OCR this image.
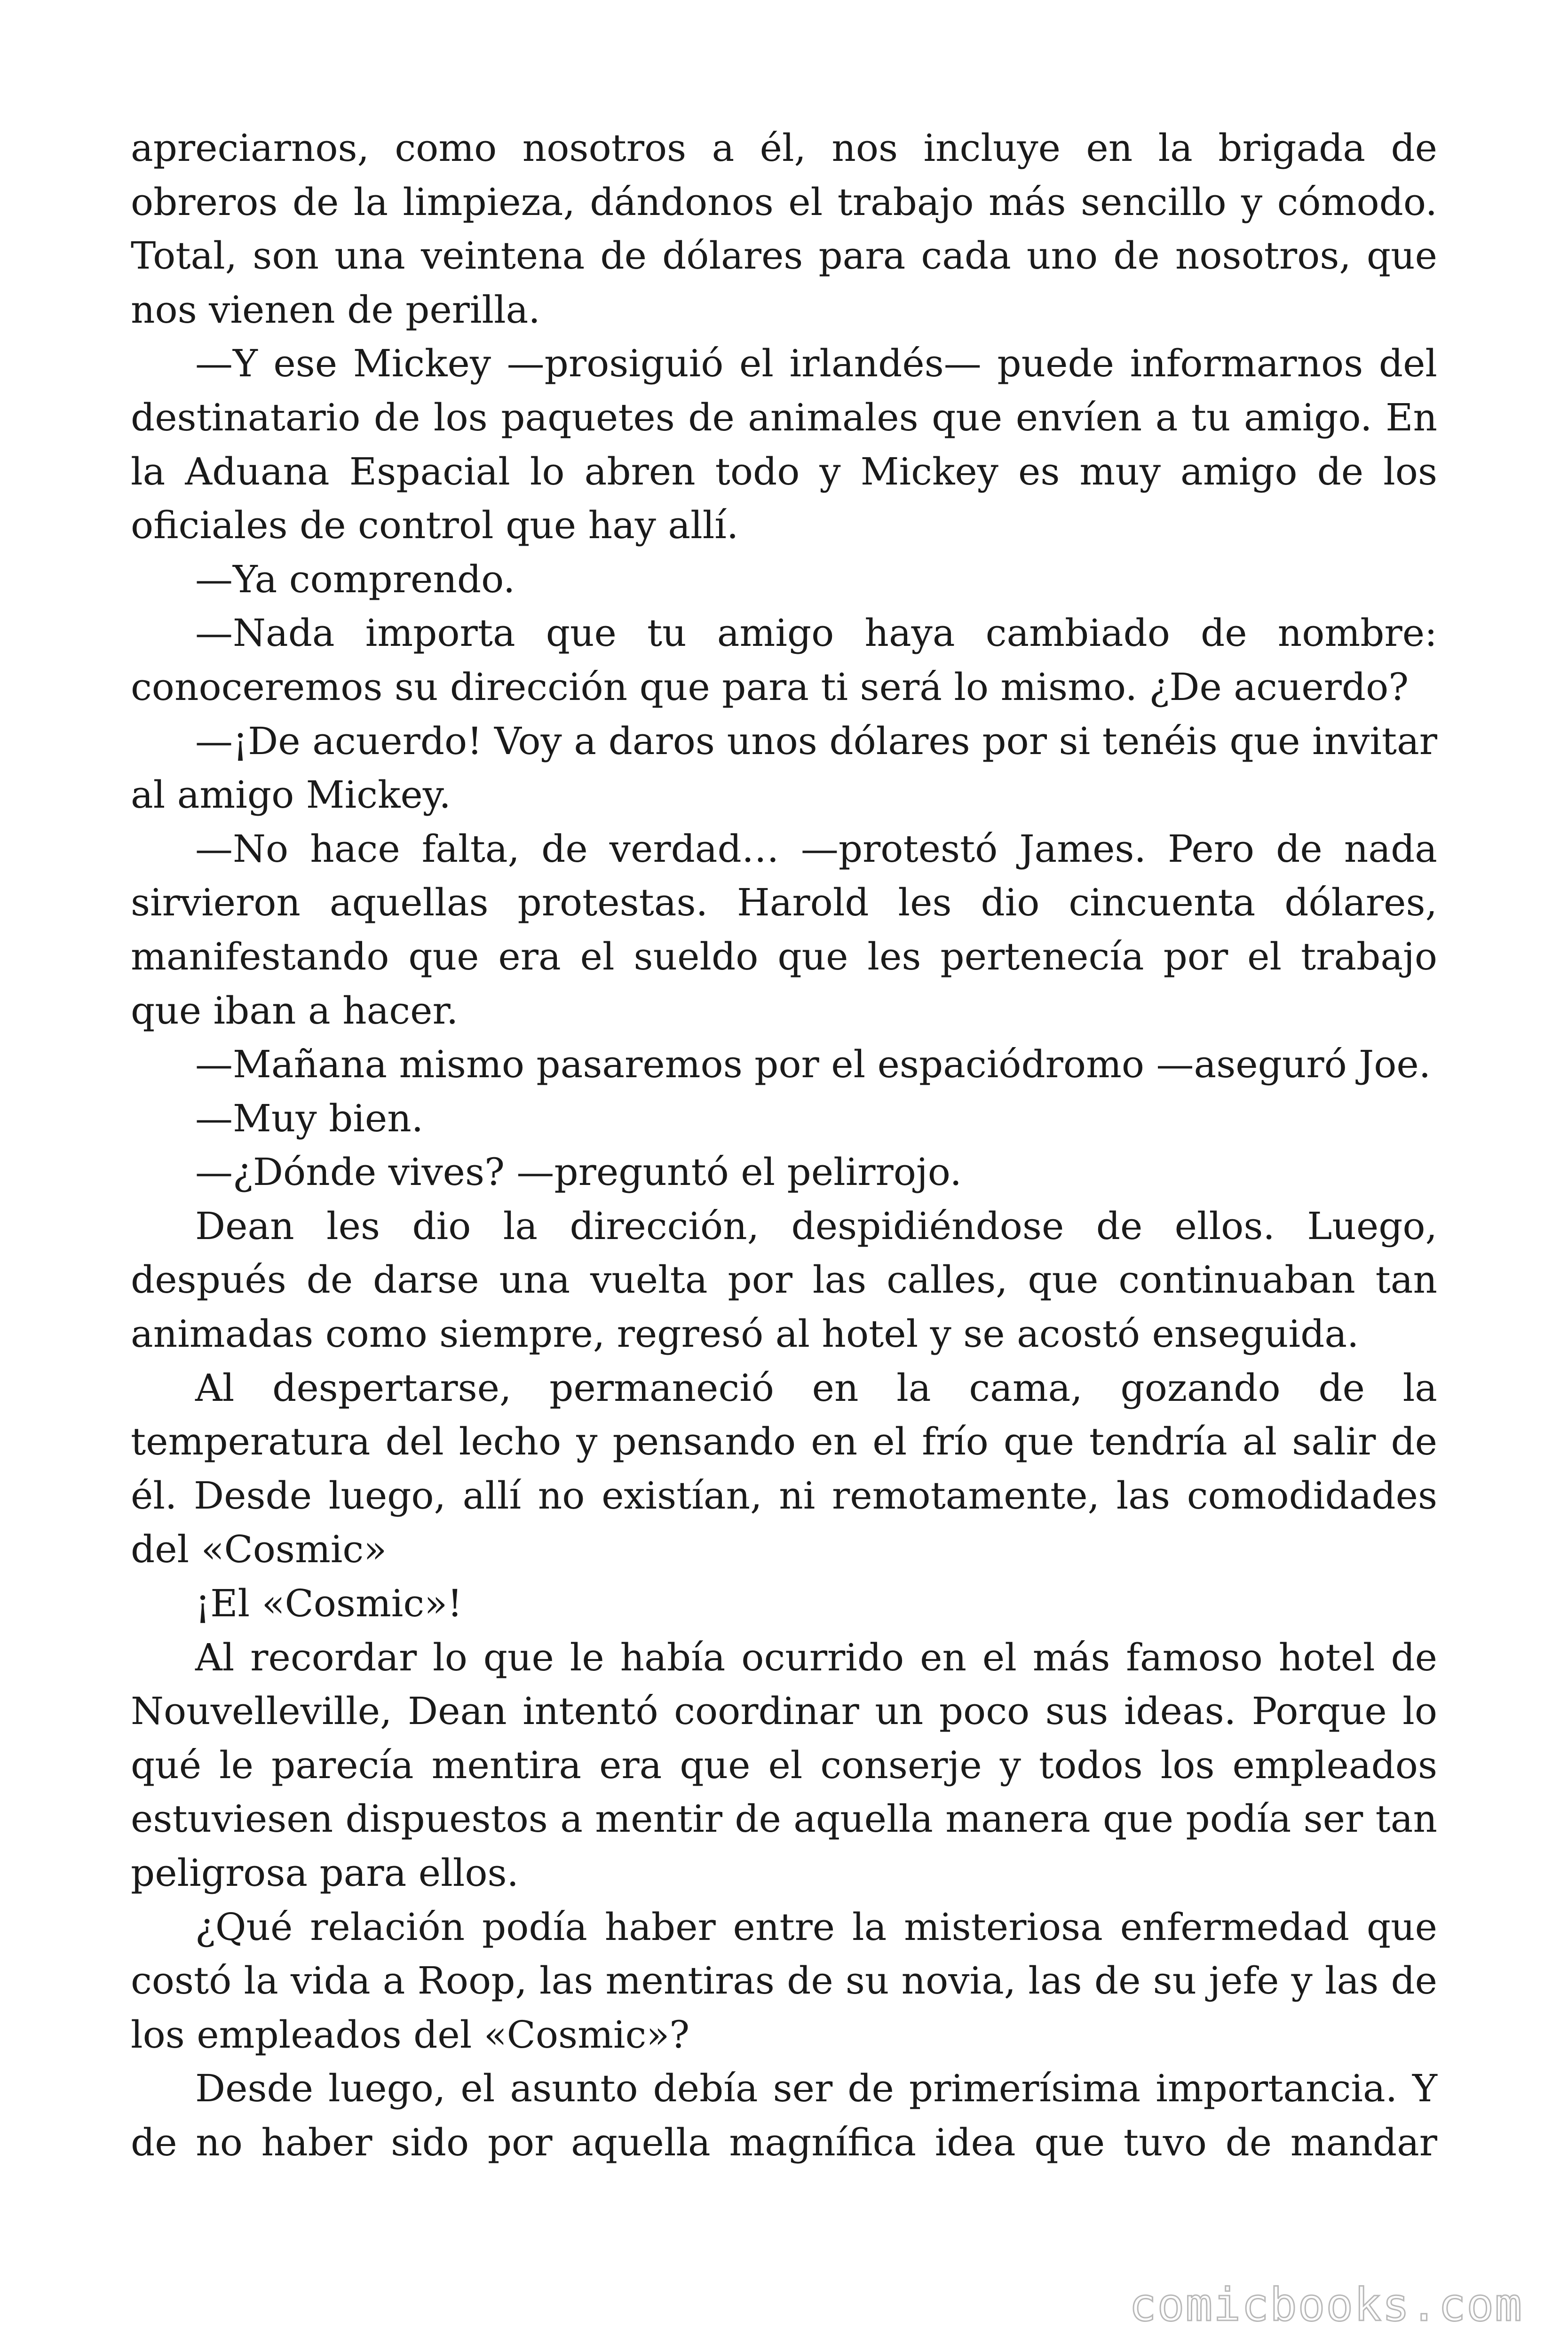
apreciarnos, como nosotros a él, nos incluye en la brigada de obreros de la limpieza, dándonos el trabajo más sencillo y cómodo. Total, son una veintena de dólares para cada uno de nosotros, que nos vienen de perilla.

—Y ese Mickey —prosiguió el irlandés— puede informarnos del destinatario de los paquetes de animales que envíen a tu amigo. En la Aduana Espacial lo abren todo y Mickey es muy amigo de los oficiales de control que hay allí.

—Ya comprendo.

—Nada importa que tu amigo haya cambiado de nombre: conoceremos su dirección que para ti será lo mismo. ¿De acuerdo?

—¡De acuerdo! Voy a daros unos dólares por si tenéis que invitar al amigo Mickey.

—No hace falta, de verdad… —protestó James. Pero de nada sirvieron aquellas protestas. Harold les dio cincuenta dólares, manifestando que era el sueldo que les pertenecía por el trabajo que iban a hacer.

—Mañana mismo pasaremos por el espaciódromo —aseguró Joe.

—Muy bien.

—¿Dónde vives? —preguntó el pelirrojo.

Dean les dio la dirección, despidiéndose de ellos. Luego, después de darse una vuelta por las calles, que continuaban tan animadas como siempre, regresó al hotel y se acostó enseguida.

Al despertarse, permaneció en la cama, gozando de la temperatura del lecho y pensando en el frío que tendría al salir de él. Desde luego, allí no existían, ni remotamente, las comodidades del «Cosmic»

¡El «Cosmic»!

Al recordar lo que le había ocurrido en el más famoso hotel de Nouvelleville, Dean intentó coordinar un poco sus ideas. Porque lo qué le parecía mentira era que el conserje y todos los empleados estuviesen dispuestos a mentir de aquella manera que podía ser tan peligrosa para ellos.

¿Qué relación podía haber entre la misteriosa enfermedad que costó la vida a Roop, las mentiras de su novia, las de su jefe y las de los empleados del «Cosmic»?

Desde luego, el asunto debía ser de primerísima importancia. Y de no haber sido por aquella magnífica idea que tuvo de mandar

comicbooks.com
